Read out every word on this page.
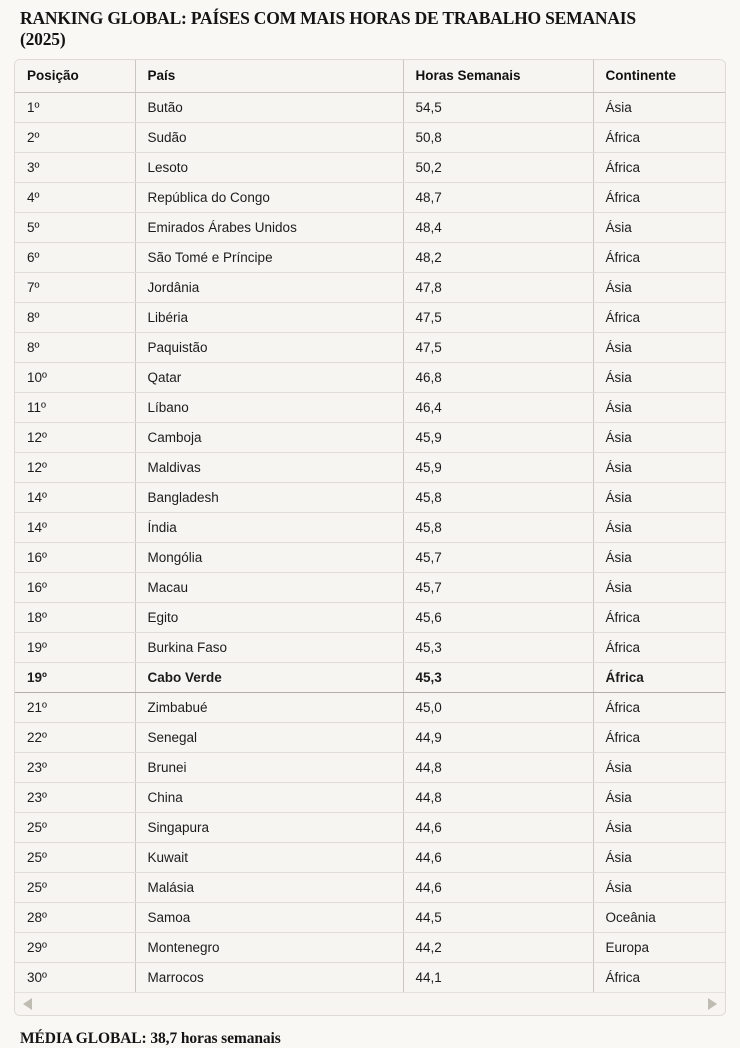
RANKING GLOBAL: PAÍSES COM MAIS HORAS DE TRABALHO SEMANAIS (2025)
Posição	País	Horas Semanais	Continente
1º	Butão	54,5	Ásia
2º	Sudão	50,8	África
3º	Lesoto	50,2	África
4º	República do Congo	48,7	África
5º	Emirados Árabes Unidos	48,4	Ásia
6º	São Tomé e Príncipe	48,2	África
7º	Jordânia	47,8	Ásia
8º	Libéria	47,5	África
8º	Paquistão	47,5	Ásia
10º	Qatar	46,8	Ásia
11º	Líbano	46,4	Ásia
12º	Camboja	45,9	Ásia
12º	Maldivas	45,9	Ásia
14º	Bangladesh	45,8	Ásia
14º	Índia	45,8	Ásia
16º	Mongólia	45,7	Ásia
16º	Macau	45,7	Ásia
18º	Egito	45,6	África
19º	Burkina Faso	45,3	África
19º	Cabo Verde	45,3	África
21º	Zimbabué	45,0	África
22º	Senegal	44,9	África
23º	Brunei	44,8	Ásia
23º	China	44,8	Ásia
25º	Singapura	44,6	Ásia
25º	Kuwait	44,6	Ásia
25º	Malásia	44,6	Ásia
28º	Samoa	44,5	Oceânia
29º	Montenegro	44,2	Europa
30º	Marrocos	44,1	África
MÉDIA GLOBAL: 38,7 horas semanais
